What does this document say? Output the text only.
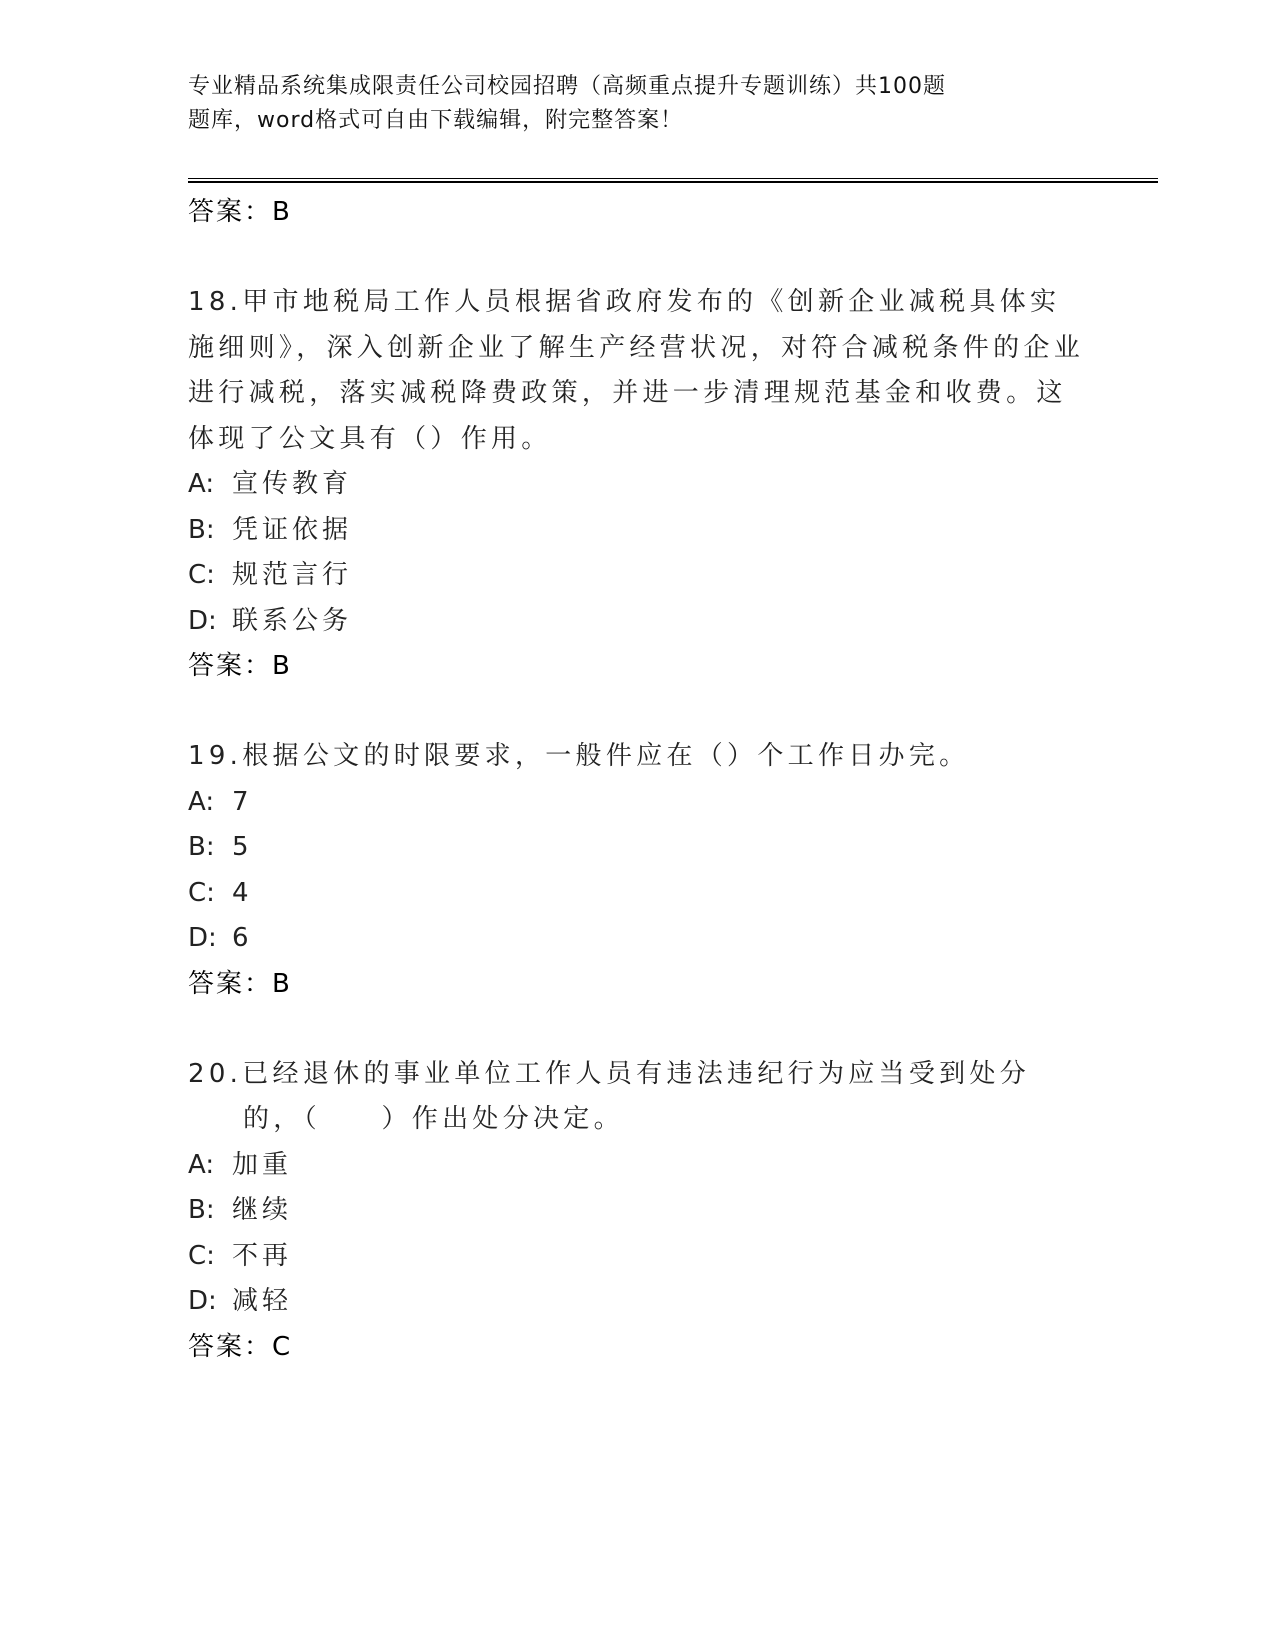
专业精品系统集成限责任公司校园招聘（高频重点提升专题训练）共100题
题库，word格式可自由下载编辑，附完整答案！
答案：B
18.甲市地税局工作人员根据省政府发布的《创新企业减税具体实施细则》，深入创新企业了解生产经营状况，对符合减税条件的企业进行减税，落实减税降费政策，并进一步清理规范基金和收费。这体现了公文具有（）作用。
A: 宣传教育
B: 凭证依据
C: 规范言行
D: 联系公务
答案：B
19.根据公文的时限要求，一般件应在（）个工作日办完。
A: 7
B: 5
C: 4
D: 6
答案：B
20.已经退休的事业单位工作人员有违法违纪行为应当受到处分的，（　　）作出处分决定。
A: 加重
B: 继续
C: 不再
D: 减轻
答案：C
